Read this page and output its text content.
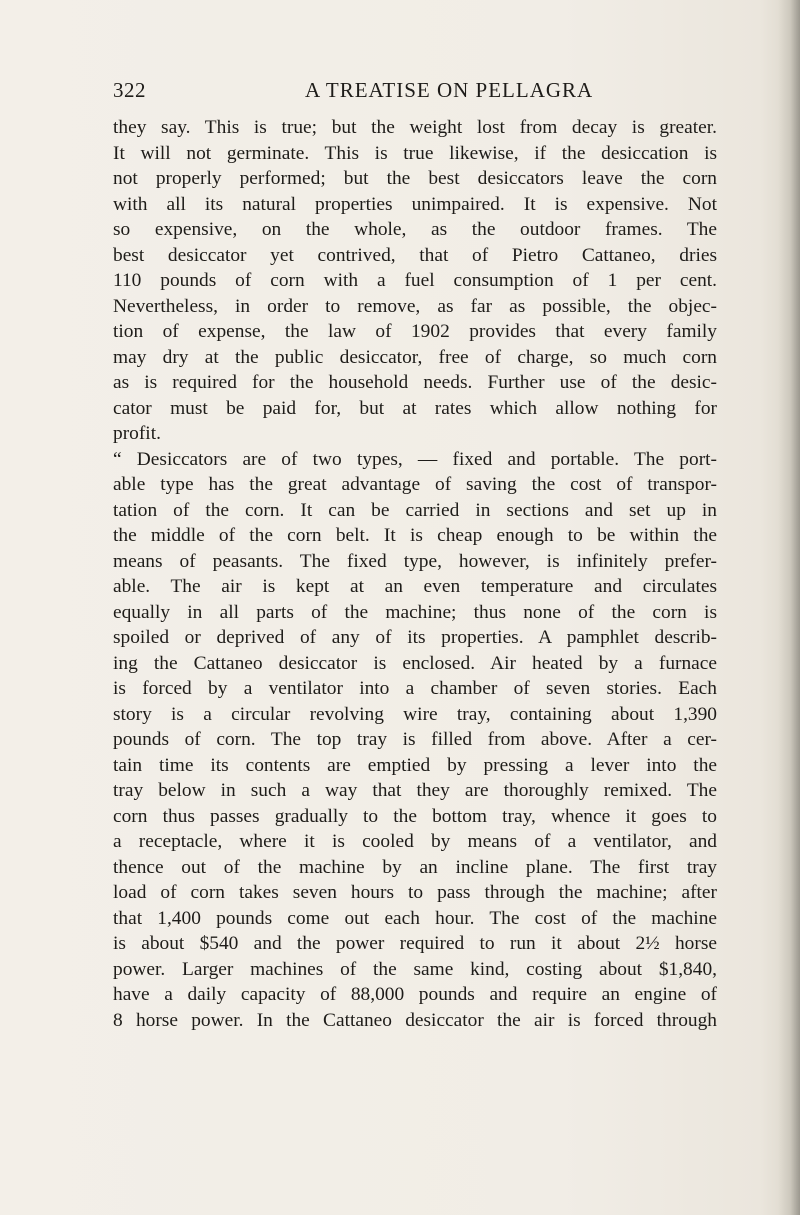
322	A TREATISE ON PELLAGRA
they say. This is true; but the weight lost from decay is greater.
It will not germinate. This is true likewise, if the desiccation is
not properly performed; but the best desiccators leave the corn
with all its natural properties unimpaired. It is expensive. Not
so expensive, on the whole, as the outdoor frames. The
best desiccator yet contrived, that of Pietro Cattaneo, dries
110 pounds of corn with a fuel consumption of 1 per cent.
Nevertheless, in order to remove, as far as possible, the objec-
tion of expense, the law of 1902 provides that every family
may dry at the public desiccator, free of charge, so much corn
as is required for the household needs. Further use of the desic-
cator must be paid for, but at rates which allow nothing for
profit.
“ Desiccators are of two types, — fixed and portable. The port-
able type has the great advantage of saving the cost of transpor-
tation of the corn. It can be carried in sections and set up in
the middle of the corn belt. It is cheap enough to be within the
means of peasants. The fixed type, however, is infinitely prefer-
able. The air is kept at an even temperature and circulates
equally in all parts of the machine; thus none of the corn is
spoiled or deprived of any of its properties. A pamphlet describ-
ing the Cattaneo desiccator is enclosed. Air heated by a furnace
is forced by a ventilator into a chamber of seven stories. Each
story is a circular revolving wire tray, containing about 1,390
pounds of corn. The top tray is filled from above. After a cer-
tain time its contents are emptied by pressing a lever into the
tray below in such a way that they are thoroughly remixed. The
corn thus passes gradually to the bottom tray, whence it goes to
a receptacle, where it is cooled by means of a ventilator, and
thence out of the machine by an incline plane. The first tray
load of corn takes seven hours to pass through the machine; after
that 1,400 pounds come out each hour. The cost of the machine
is about $540 and the power required to run it about 2½ horse
power. Larger machines of the same kind, costing about $1,840,
have a daily capacity of 88,000 pounds and require an engine of
8 horse power. In the Cattaneo desiccator the air is forced through
